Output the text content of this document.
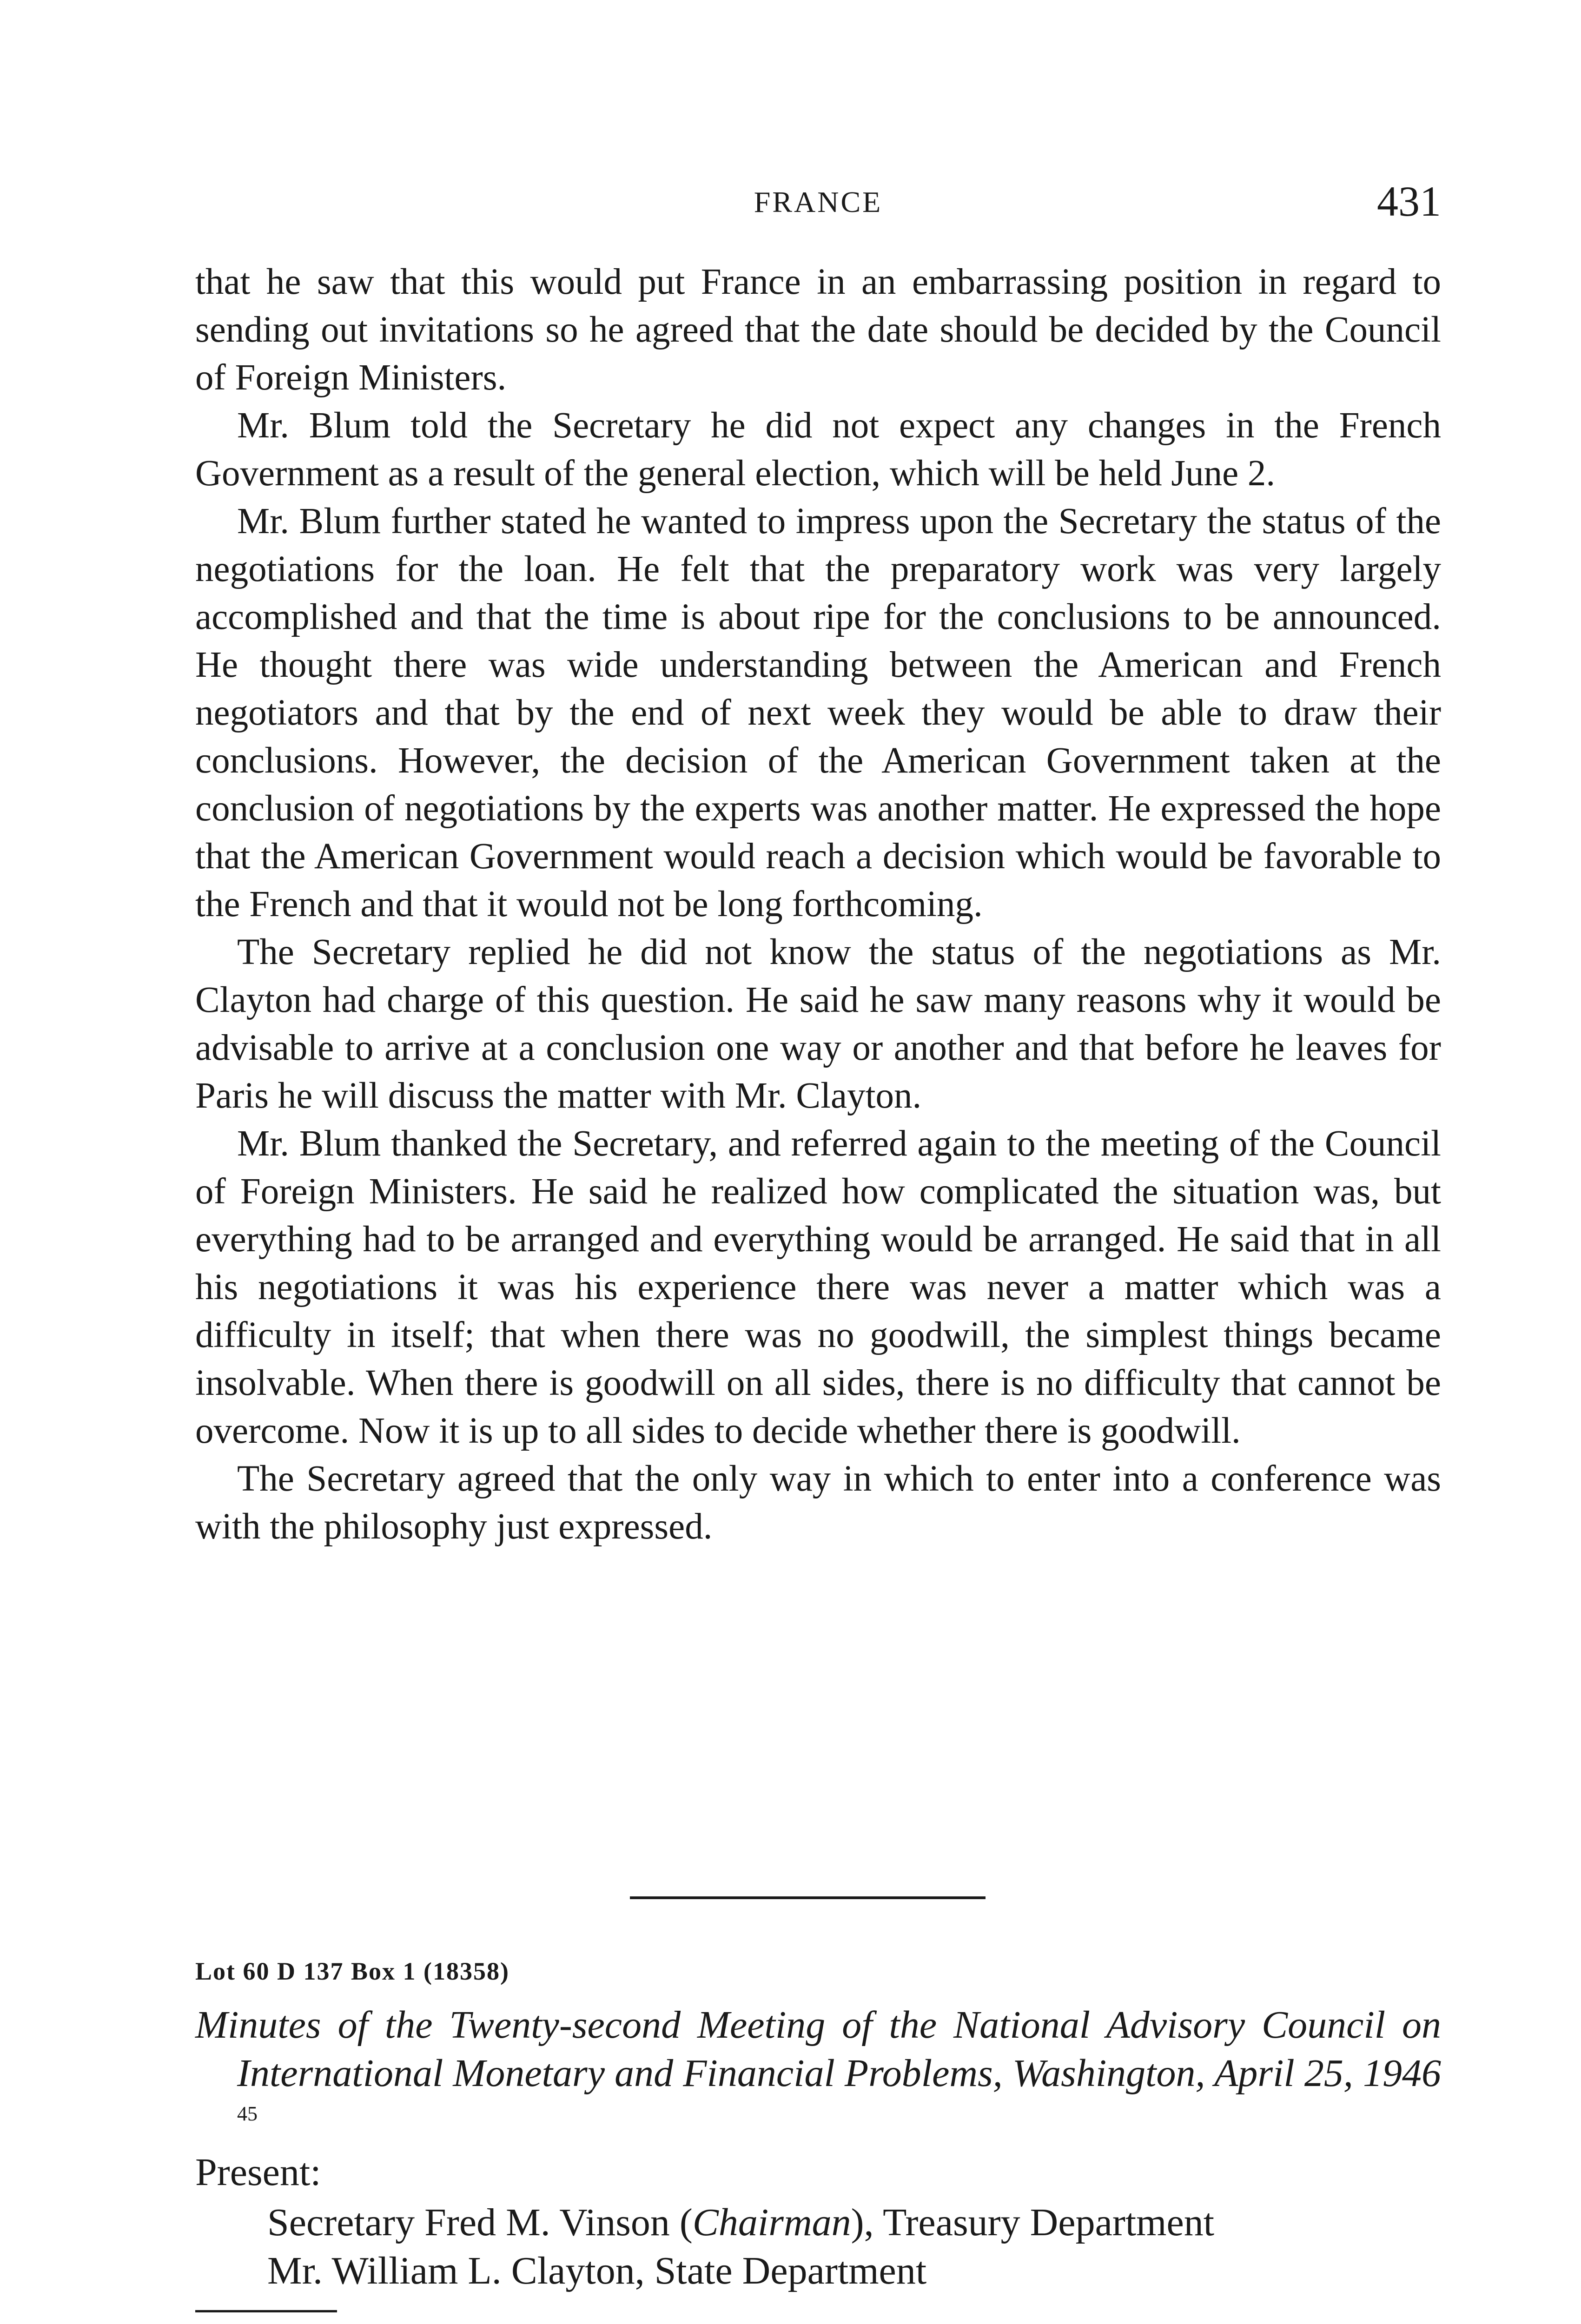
FRANCE	431

that he saw that this would put France in an embarrassing position in regard to sending out invitations so he agreed that the date should be decided by the Council of Foreign Ministers.

Mr. Blum told the Secretary he did not expect any changes in the French Government as a result of the general election, which will be held June 2.

Mr. Blum further stated he wanted to impress upon the Secretary the status of the negotiations for the loan. He felt that the preparatory work was very largely accomplished and that the time is about ripe for the conclusions to be announced. He thought there was wide understanding between the American and French negotiators and that by the end of next week they would be able to draw their conclusions. However, the decision of the American Government taken at the conclusion of negotiations by the experts was another matter. He expressed the hope that the American Government would reach a decision which would be favorable to the French and that it would not be long forthcoming.

The Secretary replied he did not know the status of the negotiations as Mr. Clayton had charge of this question. He said he saw many reasons why it would be advisable to arrive at a conclusion one way or another and that before he leaves for Paris he will discuss the matter with Mr. Clayton.

Mr. Blum thanked the Secretary, and referred again to the meeting of the Council of Foreign Ministers. He said he realized how complicated the situation was, but everything had to be arranged and everything would be arranged. He said that in all his negotiations it was his experience there was never a matter which was a difficulty in itself; that when there was no goodwill, the simplest things became insolvable. When there is goodwill on all sides, there is no difficulty that cannot be overcome. Now it is up to all sides to decide whether there is goodwill.

The Secretary agreed that the only way in which to enter into a conference was with the philosophy just expressed.

Lot 60 D 137 Box 1 (18358)
Minutes of the Twenty-second Meeting of the National Advisory Council on International Monetary and Financial Problems, Washington, April 25, 1946 $^{45}$
Present:
Secretary Fred M. Vinson (Chairman), Treasury Department
Mr. William L. Clayton, State Department
